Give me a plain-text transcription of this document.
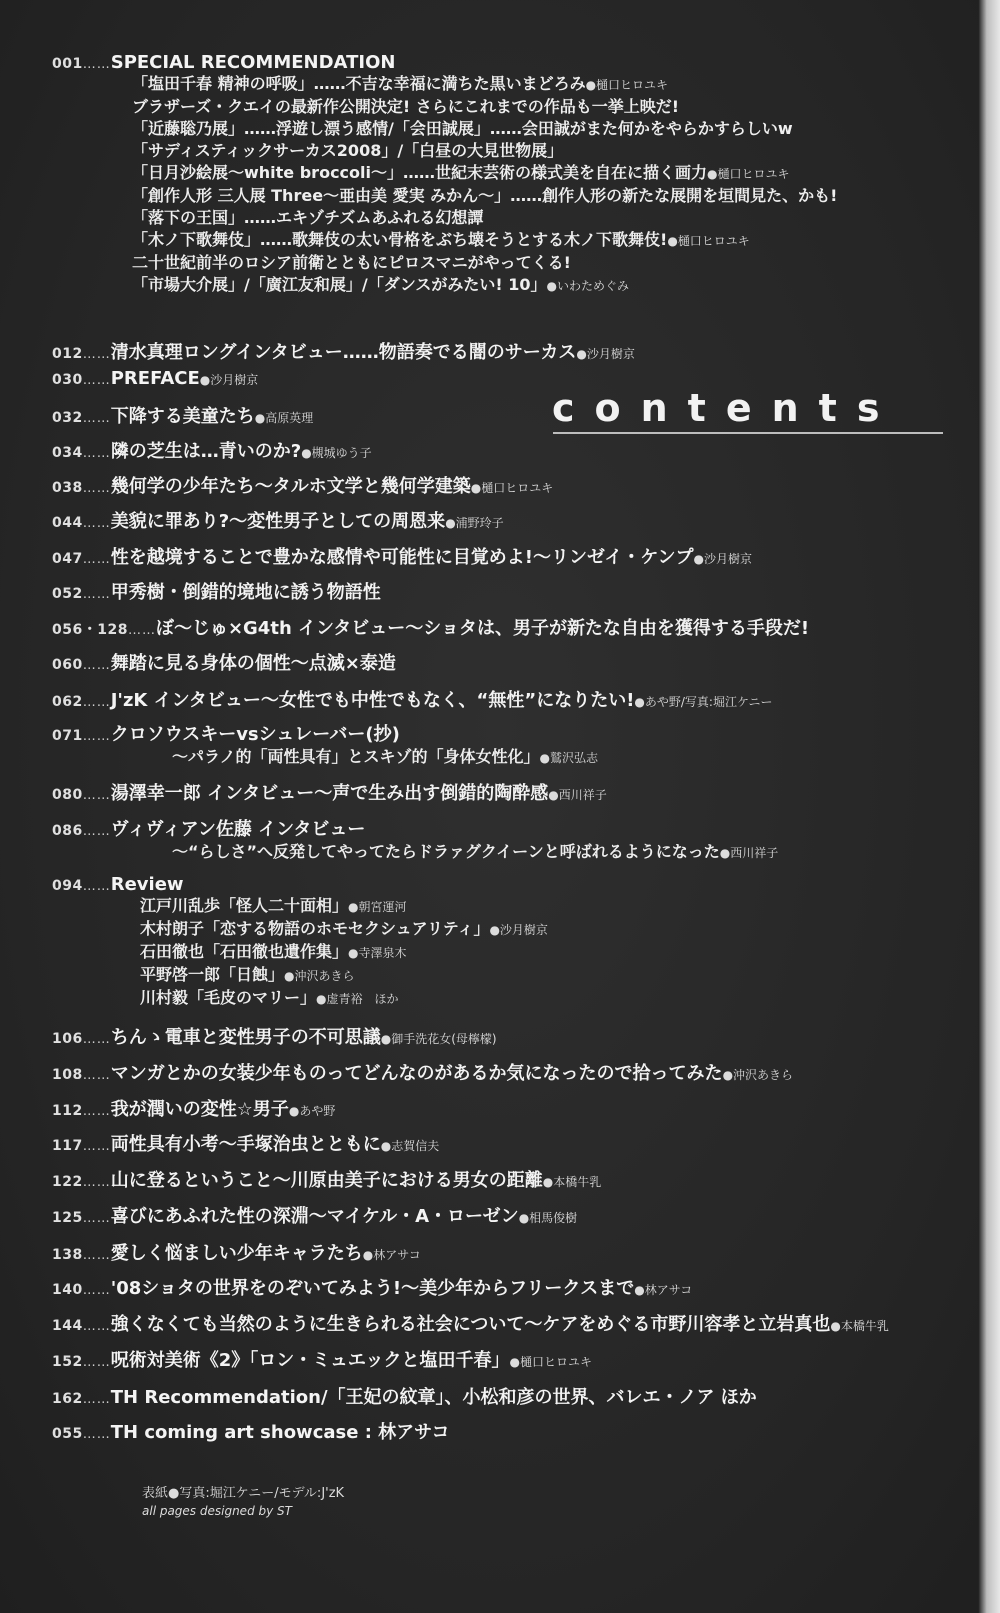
contents
001……SPECIAL RECOMMENDATION
「塩田千春 精神の呼吸」……不吉な幸福に満ちた黒いまどろみ●樋口ヒロユキ
ブラザーズ・クエイの最新作公開決定! さらにこれまでの作品も一挙上映だ!
「近藤聡乃展」……浮遊し漂う感情/「会田誠展」……会田誠がまた何かをやらかすらしいw
「サディスティックサーカス2008」/「白昼の大見世物展」
「日月沙絵展～white broccoli～」……世紀末芸術の様式美を自在に描く画力●樋口ヒロユキ
「創作人形 三人展 Three～亜由美 愛実 みかん～」……創作人形の新たな展開を垣間見た、かも!
「落下の王国」……エキゾチズムあふれる幻想譚
「木ノ下歌舞伎」……歌舞伎の太い骨格をぶち壊そうとする木ノ下歌舞伎!●樋口ヒロユキ
二十世紀前半のロシア前衛とともにピロスマニがやってくる!
「市場大介展」/「廣江友和展」/「ダンスがみたい! 10」●いわためぐみ
012……清水真理ロングインタビュー……物語奏でる闇のサーカス●沙月樹京
030……PREFACE●沙月樹京
032……下降する美童たち●高原英理
034……隣の芝生は…青いのか?●槻城ゆう子
038……幾何学の少年たち～タルホ文学と幾何学建築●樋口ヒロユキ
044……美貌に罪あり?～変性男子としての周恩来●浦野玲子
047……性を越境することで豊かな感情や可能性に目覚めよ!～リンゼイ・ケンプ●沙月樹京
052……甲秀樹・倒錯的境地に誘う物語性
056・128……ぼ～じゅ×G4th インタビュー～ショタは、男子が新たな自由を獲得する手段だ!
060……舞踏に見る身体の個性～点滅×泰造
062……J'zK インタビュー～女性でも中性でもなく、“無性”になりたい!●あや野/写真:堀江ケニー
071……クロソウスキーvsシュレーバー(抄)
～パラノ的「両性具有」とスキゾ的「身体女性化」●鷲沢弘志
080……湯澤幸一郎 インタビュー～声で生み出す倒錯的陶酔感●西川祥子
086……ヴィヴィアン佐藤 インタビュー
～“らしさ”へ反発してやってたらドラァグクイーンと呼ばれるようになった●西川祥子
094……Review
江戸川乱歩「怪人二十面相」●朝宮運河
木村朗子「恋する物語のホモセクシュアリティ」●沙月樹京
石田徹也「石田徹也遺作集」●寺澤泉木
平野啓一郎「日蝕」●沖沢あきら
川村毅「毛皮のマリー」●虚青裕　ほか
106……ちんゝ電車と変性男子の不可思議●御手洗花女(母檸檬)
108……マンガとかの女装少年ものってどんなのがあるか気になったので拾ってみた●沖沢あきら
112……我が潤いの変性☆男子●あや野
117……両性具有小考～手塚治虫とともに●志賀信夫
122……山に登るということ～川原由美子における男女の距離●本橋牛乳
125……喜びにあふれた性の深淵～マイケル・A・ローゼン●相馬俊樹
138……愛しく悩ましい少年キャラたち●林アサコ
140……'08ショタの世界をのぞいてみよう!～美少年からフリークスまで●林アサコ
144……強くなくても当然のように生きられる社会について～ケアをめぐる市野川容孝と立岩真也●本橋牛乳
152……呪術対美術《2》「ロン・ミュエックと塩田千春」●樋口ヒロユキ
162……TH Recommendation/「王妃の紋章」、小松和彦の世界、バレエ・ノア ほか
055……TH coming art showcase : 林アサコ
表紙●写真:堀江ケニー/モデル:J'zK
all pages designed by ST
